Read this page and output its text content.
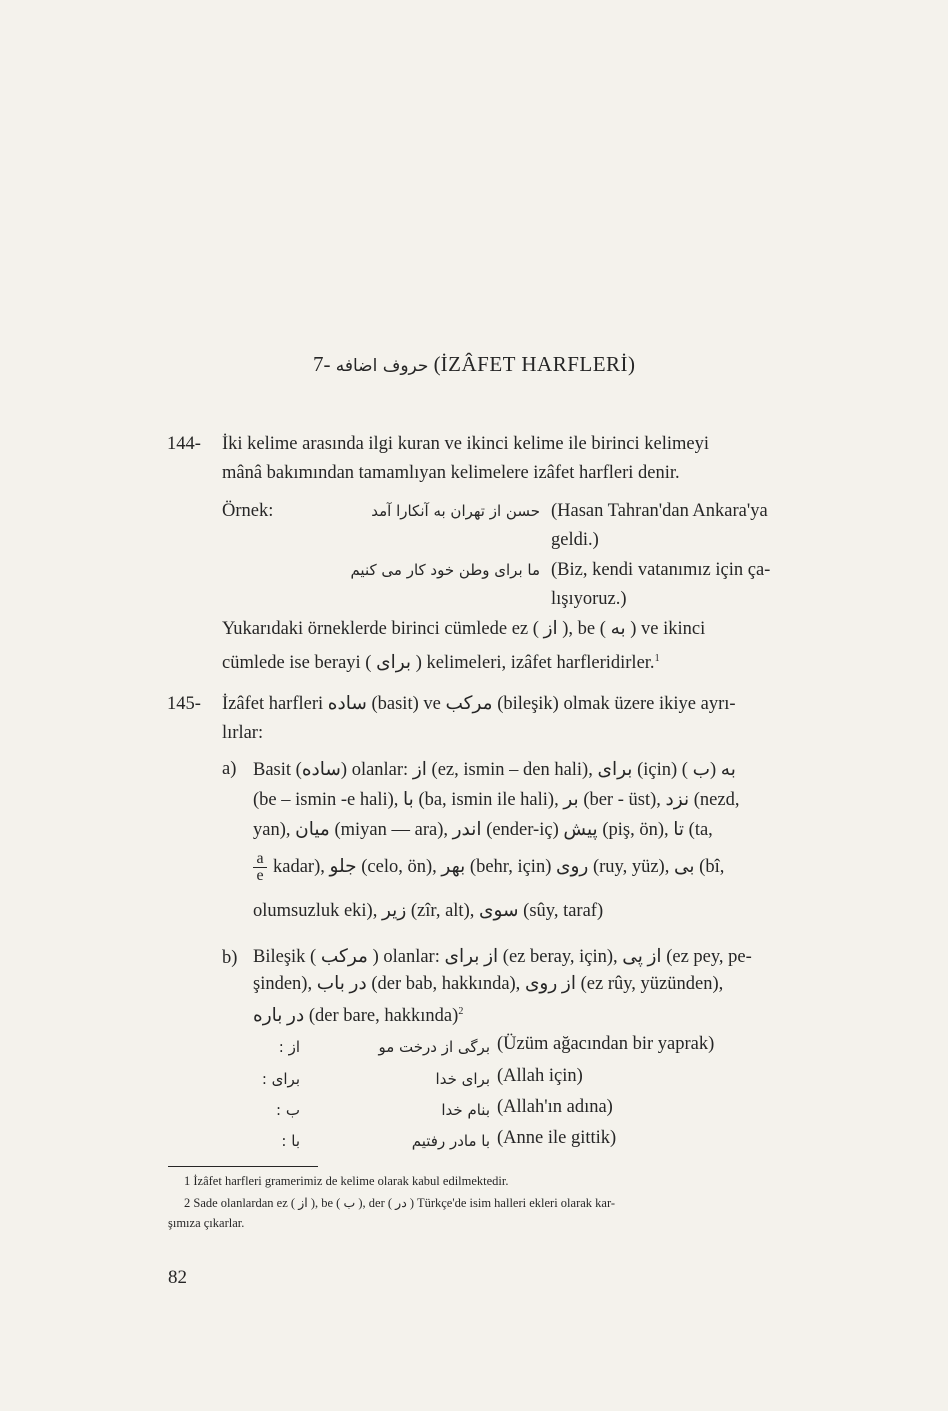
7- حروف اضافه (İZÂFET HARFLERİ)
144- İki kelime arasında ilgi kuran ve ikinci kelime ile birinci kelimeyi
mânâ bakımından tamamlıyan kelimelere izâfet harfleri denir.
Örnek:	حسن از تهران به آنکارا آمد (Hasan Tahran'dan Ankara'ya
geldi.)
ما برای وطن خود کار می کنیم (Biz, kendi vatanımız için ça-
lışıyoruz.)
Yukarıdaki örneklerde birinci cümlede ez ( از ), be ( به ) ve ikinci
cümlede ise berayi ( برای ) kelimeleri, izâfet harfleridirler.$^1$
145- İzâfet harfleri ساده (basit) ve مرکب (bileşik) olmak üzere ikiye ayrı-
lırlar:
a) Basit (ساده) olanlar: از (ez, ismin – den hali), برای (için) ( ب) به
(be – ismin -e hali), با (ba, ismin ile hali), بر (ber - üst), نزد (nezd,
yan), میان (miyan — ara), اندر (ender-iç) پیش (piş, ön), تا (ta,
$\frac{a}{e}$ kadar), جلو (celo, ön), بهر (behr, için) روی (ruy, yüz), بی (bî,
olumsuzluk eki), زیر (zîr, alt), سوی (sûy, taraf)
b) Bileşik ( مرکب ) olanlar: از برای (ez beray, için), از پی (ez pey, pe-
şinden), در باب (der bab, hakkında), از روی (ez rûy, yüzünden),
در باره (der bare, hakkında)$^2$
از :	برگی از درخت مو (Üzüm ağacından bir yaprak)
برای :	برای خدا (Allah için)
ب :	بنام خدا (Allah'ın adına)
با :	با مادر رفتیم (Anne ile gittik)
1 İzâfet harfleri gramerimiz de kelime olarak kabul edilmektedir.
2 Sade olanlardan ez ( از ), be ( ب ), der ( در ) Türkçe'de isim halleri ekleri olarak kar-
şımıza çıkarlar.
82
